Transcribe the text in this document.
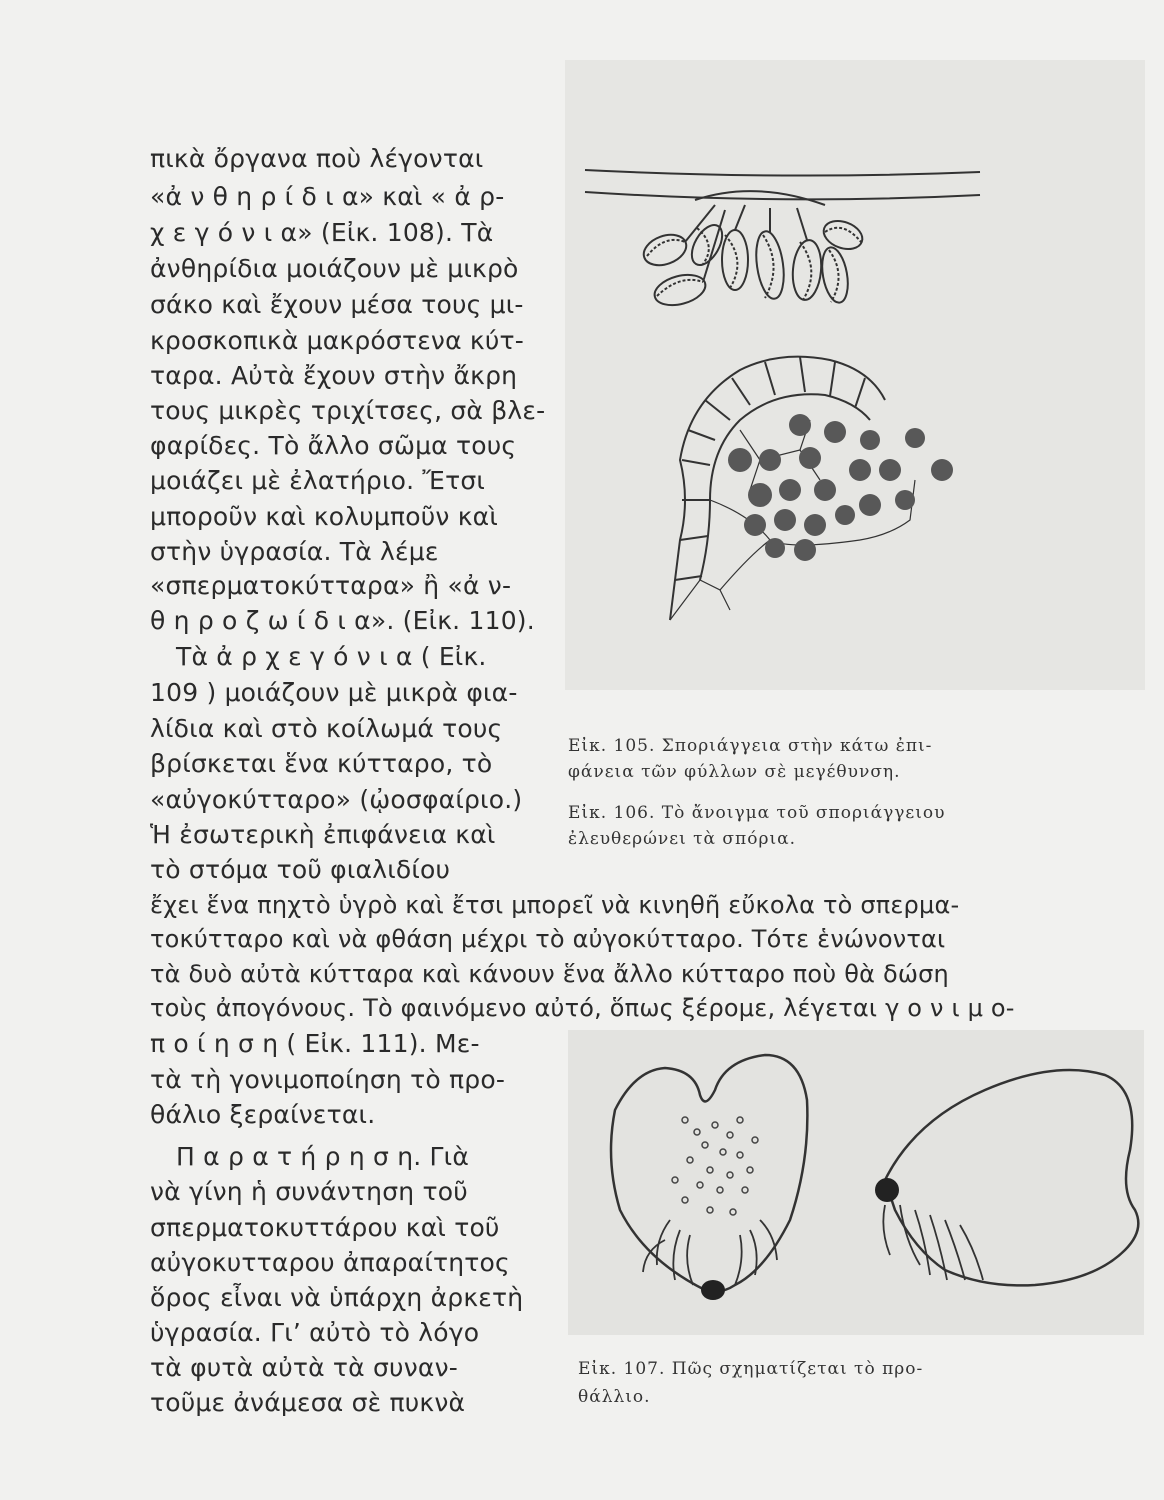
Εἰκ. 105. Σποριάγγεια στὴν κάτω ἐπι-
φάνεια τῶν φύλλων σὲ μεγέθυνση.
Εἰκ. 106. Τὸ ἄνοιγμα τοῦ σποριάγγειου
ἐλευθερώνει τὰ σπόρια.
Εἰκ. 107. Πῶς σχηματίζεται τὸ προ-
θάλλιο.
πικὰ ὄργανα ποὺ λέγονται
«ἀ ν θ η ρ ί δ ι α» καὶ « ἀ ρ-
χ ε γ ό ν ι α» (Εἰκ. 108). Τὰ
ἀνθηρίδια μοιάζουν μὲ μικρὸ
σάκο καὶ ἔχουν μέσα τους μι-
κροσκοπικὰ μακρόστενα κύτ-
ταρα. Αὐτὰ ἔχουν στὴν ἄκρη
τους μικρὲς τριχίτσες, σὰ βλε-
φαρίδες. Τὸ ἄλλο σῶμα τους
μοιάζει μὲ ἐλατήριο. Ἔτσι
μποροῦν καὶ κολυμποῦν καὶ
στὴν ὑγρασία. Τὰ λέμε
«σπερματοκύτταρα» ἢ «ἀ ν-
θ η ρ ο ζ ω ί δ ι α». (Εἰκ. 110).
Τὰ ἀ ρ χ ε γ ό ν ι α ( Εἰκ.
109 ) μοιάζουν μὲ μικρὰ φια-
λίδια καὶ στὸ κοίλωμά τους
βρίσκεται ἕνα κύτταρο, τὸ
«αὐγοκύτταρο» (ᾠοσφαίριο.)
Ἡ ἐσωτερικὴ ἐπιφάνεια καὶ
τὸ στόμα τοῦ φιαλιδίου
ἔχει ἕνα πηχτὸ ὑγρὸ καὶ ἔτσι μπορεῖ νὰ κινηθῆ εὔκολα τὸ σπερμα-
τοκύτταρο καὶ νὰ φθάση μέχρι τὸ αὐγοκύτταρο. Τότε ἑνώνονται
τὰ δυὸ αὐτὰ κύτταρα καὶ κάνουν ἕνα ἄλλο κύτταρο ποὺ θὰ δώση
τοὺς ἀπογόνους. Τὸ φαινόμενο αὐτό, ὅπως ξέρομε, λέγεται γ ο ν ι μ ο-
π ο ί η σ η ( Εἰκ. 111). Με-
τὰ τὴ γονιμοποίηση τὸ προ-
θάλιο ξεραίνεται.
Π α ρ α τ ή ρ η σ η. Γιὰ
νὰ γίνη ἡ συνάντηση τοῦ
σπερματοκυττάρου καὶ τοῦ
αὐγοκυτταρου ἀπαραίτητος
ὅρος εἶναι νὰ ὑπάρχη ἀρκετὴ
ὑγρασία. Γι’ αὐτὸ τὸ λόγο
τὰ φυτὰ αὐτὰ τὰ συναν-
τοῦμε ἀνάμεσα σὲ πυκνὰ
